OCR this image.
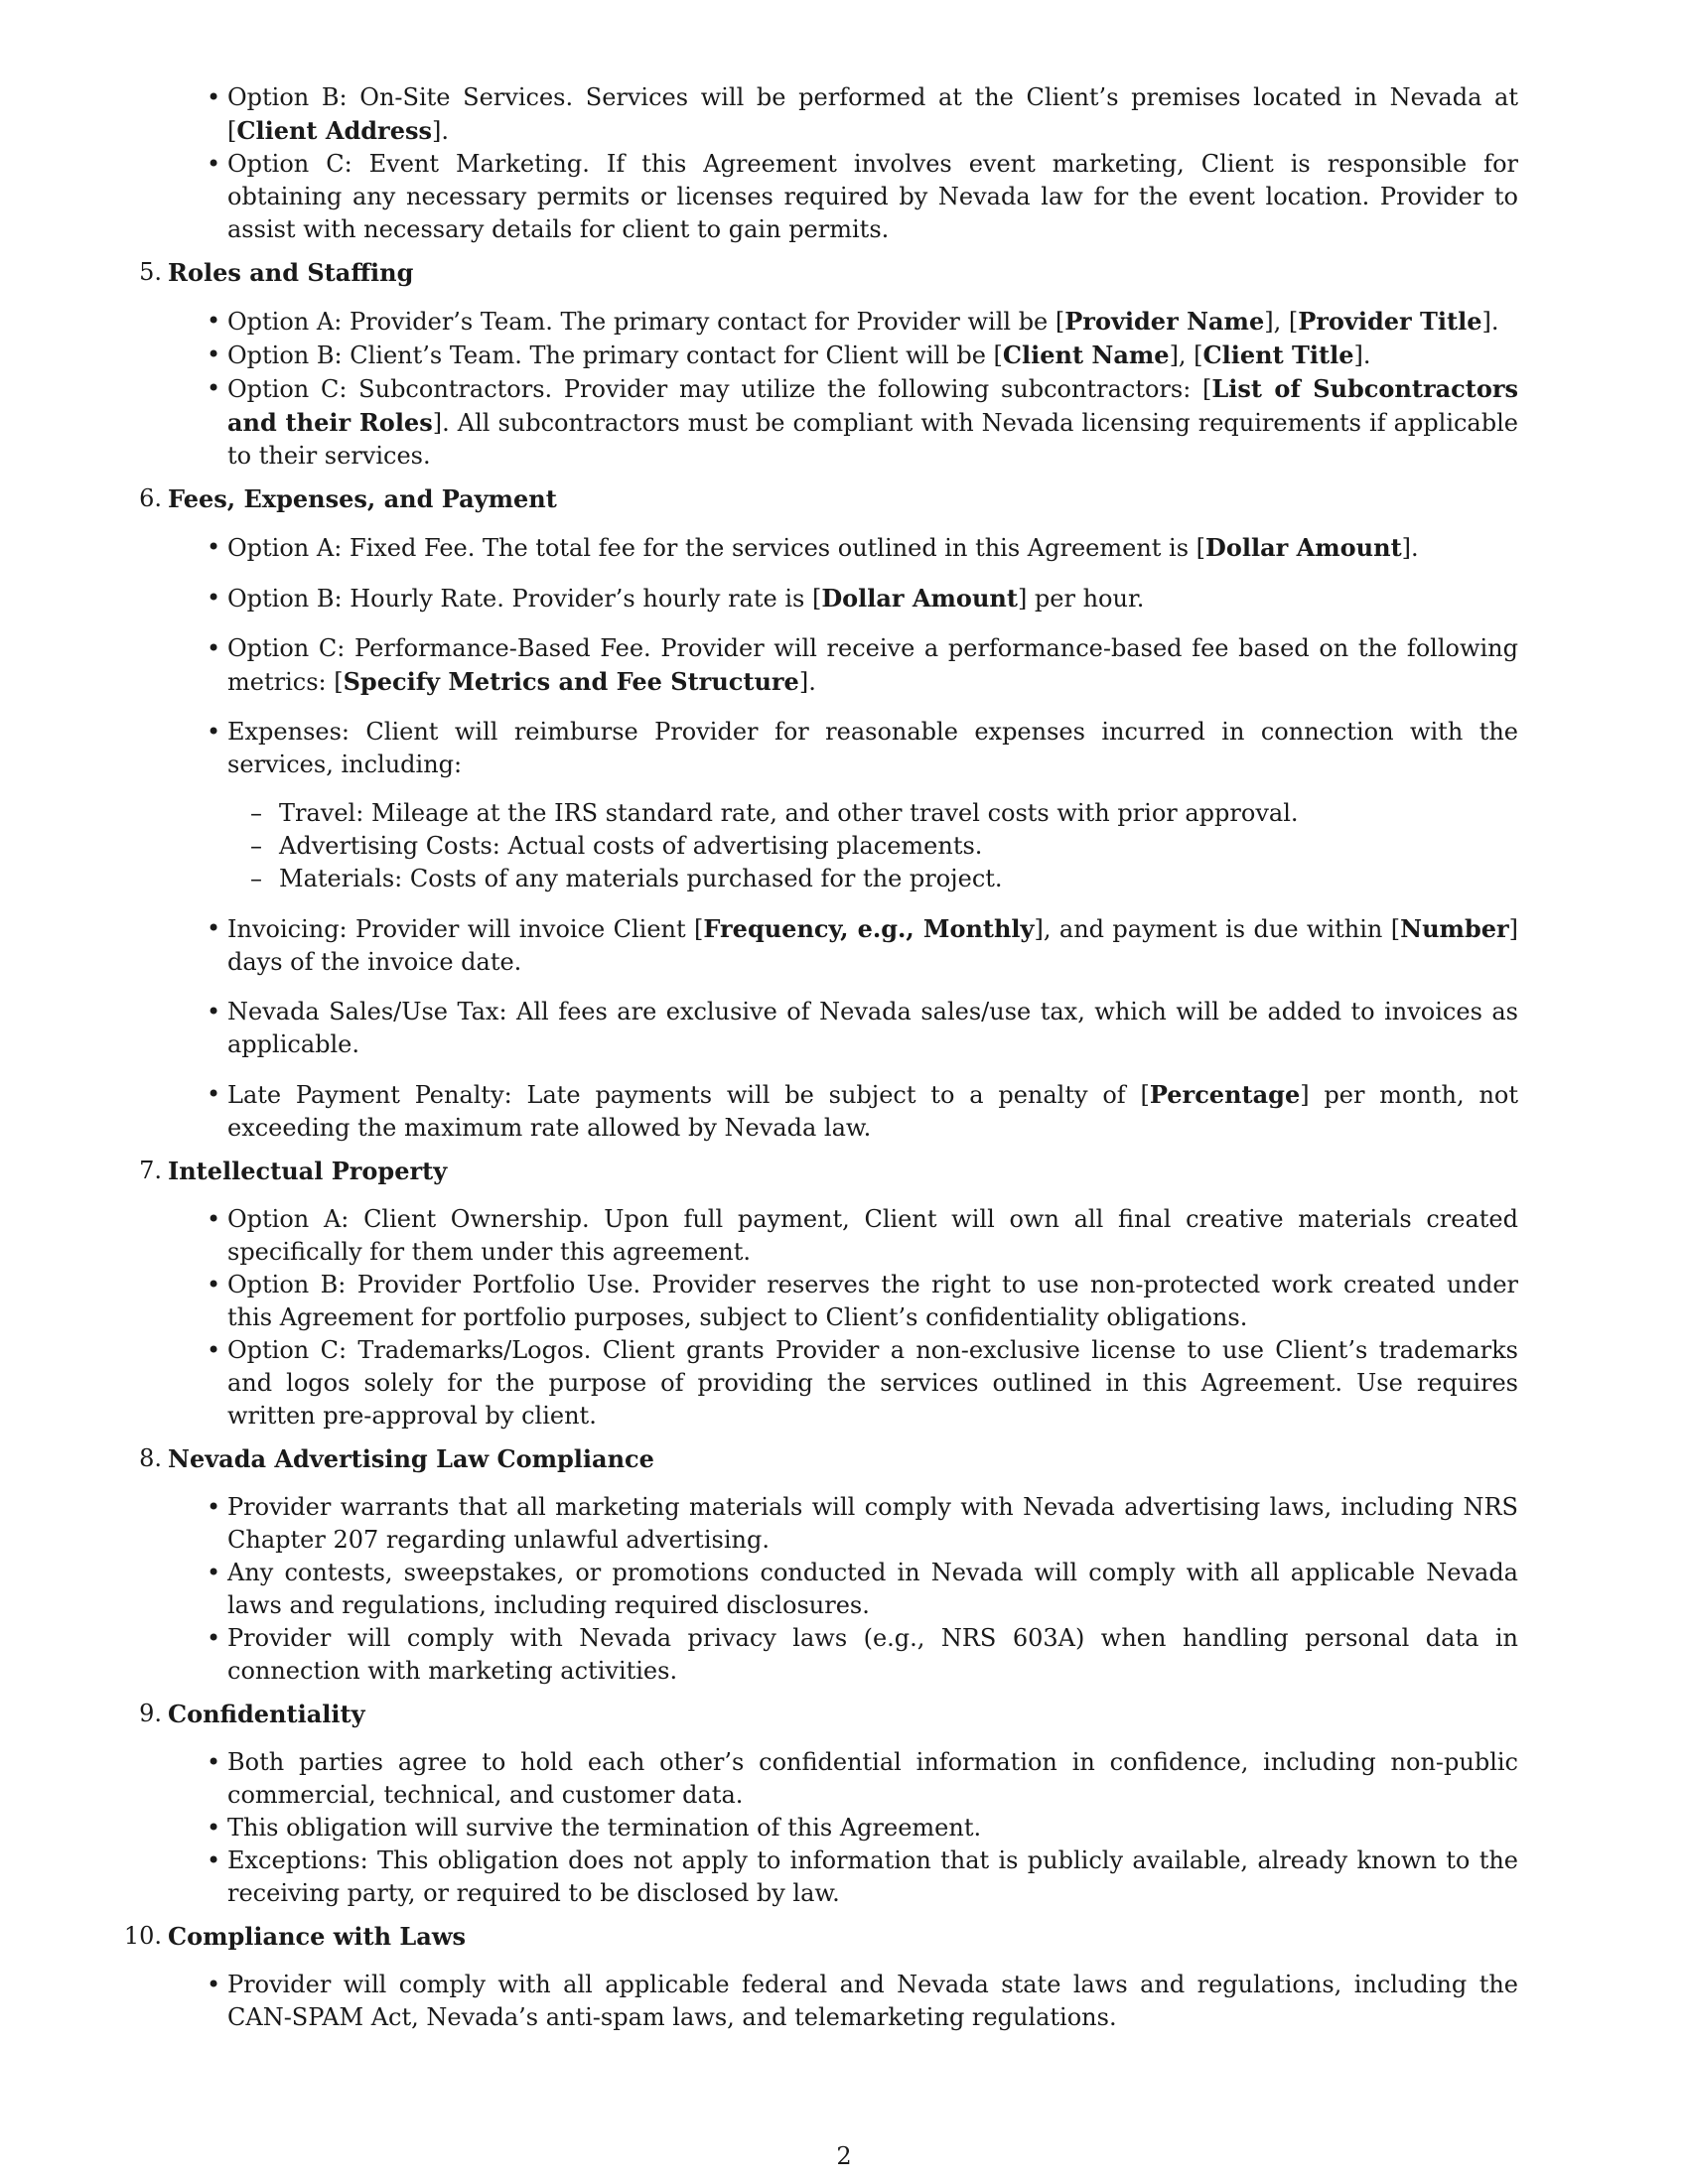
• Option B: On-Site Services. Services will be performed at the Client’s premises located in Nevada at [Client Address].
• Option C: Event Marketing. If this Agreement involves event marketing, Client is responsible for obtaining any necessary permits or licenses required by Nevada law for the event location. Provider to assist with necessary details for client to gain permits.
5. Roles and Staffing
• Option A: Provider’s Team. The primary contact for Provider will be [Provider Name], [Provider Title].
• Option B: Client’s Team. The primary contact for Client will be [Client Name], [Client Title].
• Option C: Subcontractors. Provider may utilize the following subcontractors: [List of Subcontractors and their Roles]. All subcontractors must be compliant with Nevada licensing requirements if applicable to their services.
6. Fees, Expenses, and Payment
• Option A: Fixed Fee. The total fee for the services outlined in this Agreement is [Dollar Amount].
• Option B: Hourly Rate. Provider’s hourly rate is [Dollar Amount] per hour.
• Option C: Performance-Based Fee. Provider will receive a performance-based fee based on the following metrics: [Specify Metrics and Fee Structure].
• Expenses: Client will reimburse Provider for reasonable expenses incurred in connection with the services, including:
– Travel: Mileage at the IRS standard rate, and other travel costs with prior approval.
– Advertising Costs: Actual costs of advertising placements.
– Materials: Costs of any materials purchased for the project.
• Invoicing: Provider will invoice Client [Frequency, e.g., Monthly], and payment is due within [Number] days of the invoice date.
• Nevada Sales/Use Tax: All fees are exclusive of Nevada sales/use tax, which will be added to invoices as applicable.
• Late Payment Penalty: Late payments will be subject to a penalty of [Percentage] per month, not exceeding the maximum rate allowed by Nevada law.
7. Intellectual Property
• Option A: Client Ownership. Upon full payment, Client will own all final creative materials created specifically for them under this agreement.
• Option B: Provider Portfolio Use. Provider reserves the right to use non-protected work created under this Agreement for portfolio purposes, subject to Client’s confidentiality obligations.
• Option C: Trademarks/Logos. Client grants Provider a non-exclusive license to use Client’s trademarks and logos solely for the purpose of providing the services outlined in this Agreement. Use requires written pre-approval by client.
8. Nevada Advertising Law Compliance
• Provider warrants that all marketing materials will comply with Nevada advertising laws, including NRS Chapter 207 regarding unlawful advertising.
• Any contests, sweepstakes, or promotions conducted in Nevada will comply with all applicable Nevada laws and regulations, including required disclosures.
• Provider will comply with Nevada privacy laws (e.g., NRS 603A) when handling personal data in connection with marketing activities.
9. Confidentiality
• Both parties agree to hold each other’s confidential information in confidence, including non-public commercial, technical, and customer data.
• This obligation will survive the termination of this Agreement.
• Exceptions: This obligation does not apply to information that is publicly available, already known to the receiving party, or required to be disclosed by law.
10. Compliance with Laws
• Provider will comply with all applicable federal and Nevada state laws and regulations, including the CAN-SPAM Act, Nevada’s anti-spam laws, and telemarketing regulations.
2
